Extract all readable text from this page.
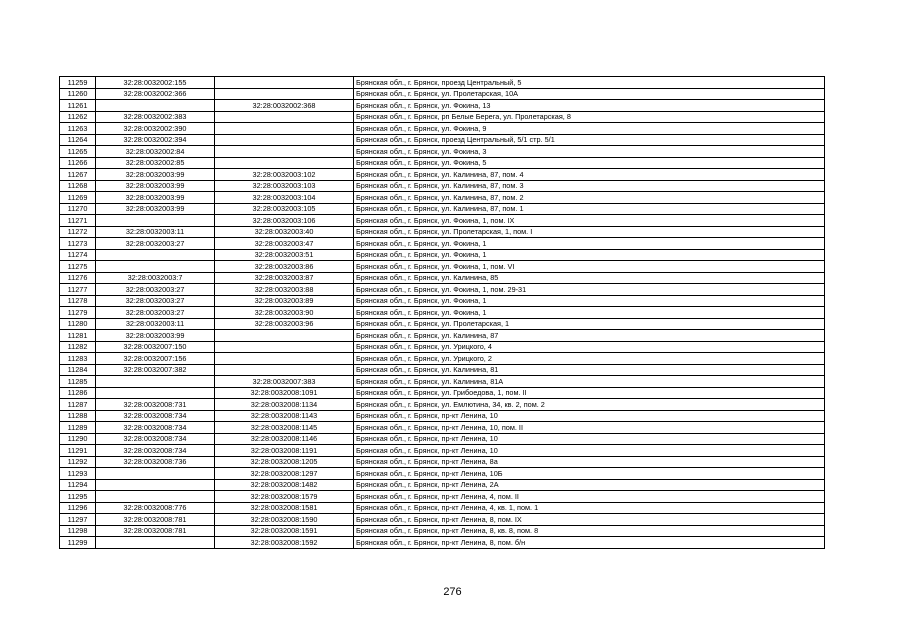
11259	32:28:0032002:155		Брянская обл., г. Брянск, проезд Центральный, 5
11260	32:28:0032002:366		Брянская обл., г. Брянск, ул. Пролетарская, 10А
11261		32:28:0032002:368	Брянская обл., г. Брянск, ул. Фокина, 13
11262	32:28:0032002:383		Брянская обл., г. Брянск, рп Белые Берега, ул. Пролетарская, 8
11263	32:28:0032002:390		Брянская обл., г. Брянск, ул. Фокина, 9
11264	32:28:0032002:394		Брянская обл., г. Брянск, проезд Центральный, 5/1 стр. 5/1
11265	32:28:0032002:84		Брянская обл., г. Брянск, ул. Фокина, 3
11266	32:28:0032002:85		Брянская обл., г. Брянск, ул. Фокина, 5
11267	32:28:0032003:99	32:28:0032003:102	Брянская обл., г. Брянск, ул. Калинина, 87, пом. 4
11268	32:28:0032003:99	32:28:0032003:103	Брянская обл., г. Брянск, ул. Калинина, 87, пом. 3
11269	32:28:0032003:99	32:28:0032003:104	Брянская обл., г. Брянск, ул. Калинина, 87, пом. 2
11270	32:28:0032003:99	32:28:0032003:105	Брянская обл., г. Брянск, ул. Калинина, 87, пом. 1
11271		32:28:0032003:106	Брянская обл., г. Брянск, ул. Фокина, 1, пом. IX
11272	32:28:0032003:11	32:28:0032003:40	Брянская обл., г. Брянск, ул. Пролетарская, 1, пом. I
11273	32:28:0032003:27	32:28:0032003:47	Брянская обл., г. Брянск, ул. Фокина, 1
11274		32:28:0032003:51	Брянская обл., г. Брянск, ул. Фокина, 1
11275		32:28:0032003:86	Брянская обл., г. Брянск, ул. Фокина, 1, пом. VI
11276	32:28:0032003:7	32:28:0032003:87	Брянская обл., г. Брянск, ул. Калинина, 85
11277	32:28:0032003:27	32:28:0032003:88	Брянская обл., г. Брянск, ул. Фокина, 1, пом. 29-31
11278	32:28:0032003:27	32:28:0032003:89	Брянская обл., г. Брянск, ул. Фокина, 1
11279	32:28:0032003:27	32:28:0032003:90	Брянская обл., г. Брянск, ул. Фокина, 1
11280	32:28:0032003:11	32:28:0032003:96	Брянская обл., г. Брянск, ул. Пролетарская, 1
11281	32:28:0032003:99		Брянская обл., г. Брянск, ул. Калинина, 87
11282	32:28:0032007:150		Брянская обл., г. Брянск, ул. Урицкого, 4
11283	32:28:0032007:156		Брянская обл., г. Брянск, ул. Урицкого, 2
11284	32:28:0032007:382		Брянская обл., г. Брянск, ул. Калинина, 81
11285		32:28:0032007:383	Брянская обл., г. Брянск, ул. Калинина, 81А
11286		32:28:0032008:1091	Брянская обл., г. Брянск, ул. Грибоедова, 1, пом. II
11287	32:28:0032008:731	32:28:0032008:1134	Брянская обл., г. Брянск, ул. Емлютина, 34, кв. 2, пом. 2
11288	32:28:0032008:734	32:28:0032008:1143	Брянская обл., г. Брянск, пр-кт Ленина, 10
11289	32:28:0032008:734	32:28:0032008:1145	Брянская обл., г. Брянск, пр-кт Ленина, 10, пом. II
11290	32:28:0032008:734	32:28:0032008:1146	Брянская обл., г. Брянск, пр-кт Ленина, 10
11291	32:28:0032008:734	32:28:0032008:1191	Брянская обл., г. Брянск, пр-кт Ленина, 10
11292	32:28:0032008:736	32:28:0032008:1205	Брянская обл., г. Брянск, пр-кт Ленина, 8а
11293		32:28:0032008:1297	Брянская обл., г. Брянск, пр-кт Ленина, 10Б
11294		32:28:0032008:1482	Брянская обл., г. Брянск, пр-кт Ленина, 2А
11295		32:28:0032008:1579	Брянская обл., г. Брянск, пр-кт Ленина, 4, пом. II
11296	32:28:0032008:776	32:28:0032008:1581	Брянская обл., г. Брянск, пр-кт Ленина, 4, кв. 1, пом. 1
11297	32:28:0032008:781	32:28:0032008:1590	Брянская обл., г. Брянск, пр-кт Ленина, 8, пом. IX
11298	32:28:0032008:781	32:28:0032008:1591	Брянская обл., г. Брянск, пр-кт Ленина, 8, кв. 8, пом. 8
11299		32:28:0032008:1592	Брянская обл., г. Брянск, пр-кт Ленина, 8, пом. б/н
276
